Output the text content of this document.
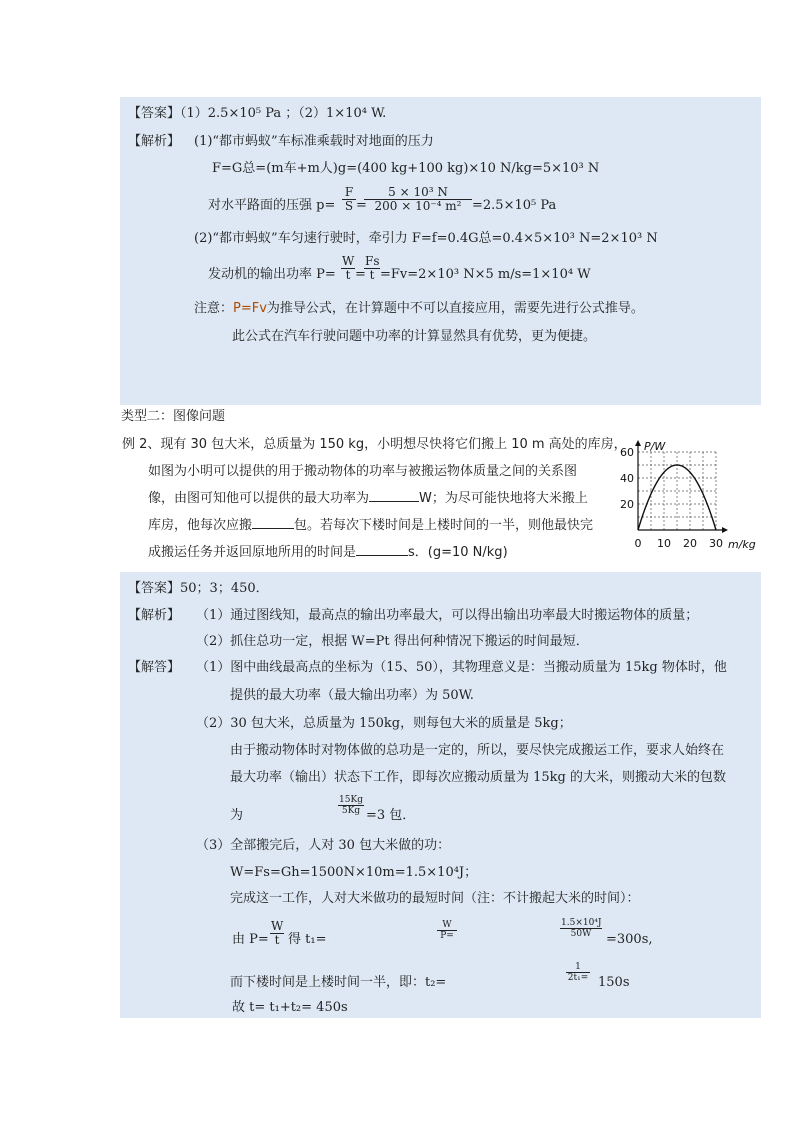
【答案】（1）2.5×10⁵ Pa ；（2）1×10⁴ W.
【解析】 (1)“都市蚂蚁”车标准乘载时对地面的压力
F=G总=(m车+m人)g=(400 kg+100 kg)×10 N/kg=5×10³ N
对水平路面的压强 $p= \frac{F}{S}$ =
$\frac{\text{5 × 10³ N}}{\text{200 × 10⁻⁴ m²}} =2.5\times 10^5$ Pa
(2)“都市蚂蚁”车匀速行驶时，牵引力 F=f=0.4G总=0.4×5×10³ N=2×10³ N
发动机的输出功率 $P= \frac{W}{t}$ =
$\frac{Fs}{t} =Fv=2\times 10^3$ N×5 m/s=1×10⁴ W
注意：P=Fv为推导公式，在计算题中不可以直接应用，需要先进行公式推导。
此公式在汽车行驶问题中功率的计算显然具有优势，更为便捷。
类型二：图像问题
例 2、现有 30 包大米，总质量为 150 kg，小明想尽快将它们搬上 10 m 高处的库房，
如图为小明可以提供的用于搬动物体的功率与被搬运物体质量之间的关系图
像，由图可知他可以提供的最大功率为	W；为尽可能快地将大米搬上
库房，他每次应搬	包。若每次下楼时间是上楼时间的一半，则他最快完
成搬运任务并返回原地所用的时间是	s．(g=10 N/kg)
0 10 20 30
20
40
60 P/W
m/kg
【答案】50；3；450．
【解析】 （1）通过图线知，最高点的输出功率最大，可以得出输出功率最大时搬运物体的质量；
（2）抓住总功一定，根据 W=Pt 得出何种情况下搬运的时间最短．
【解答】 （1）图中曲线最高点的坐标为（15、50），其物理意义是：当搬动质量为 15kg 物体时，他
提供的最大功率（最大输出功率）为 50W.
（2）30 包大米，总质量为 150kg，则每包大米的质量是 5kg；
由于搬动物体时对物体做的总功是一定的，所以，要尽快完成搬运工作，要求人始终在
最大功率（输出）状态下工作，即每次应搬动质量为 15kg 的大米，则搬动大米的包数
为	$\frac{15Kg}{5Kg} =3$ 包．
（3）全部搬完后，人对 30 包大米做的功：
W=Fs=Gh=1500N×10m=1.5×10⁴J；
完成这一工作，人对大米做功的最短时间（注：不计搬起大米的时间）：
由 $P= \frac{W}{t}$ 得 t₁=	$\frac{W}{P=}$	$\frac{\text{1.5×10⁴J}}{50W}$
=300s,
而下楼时间是上楼时间一半，即：t₂=	$\frac{1}{\text{2t₁=}} 150s$
故 t= t₁+t₂= 450s
